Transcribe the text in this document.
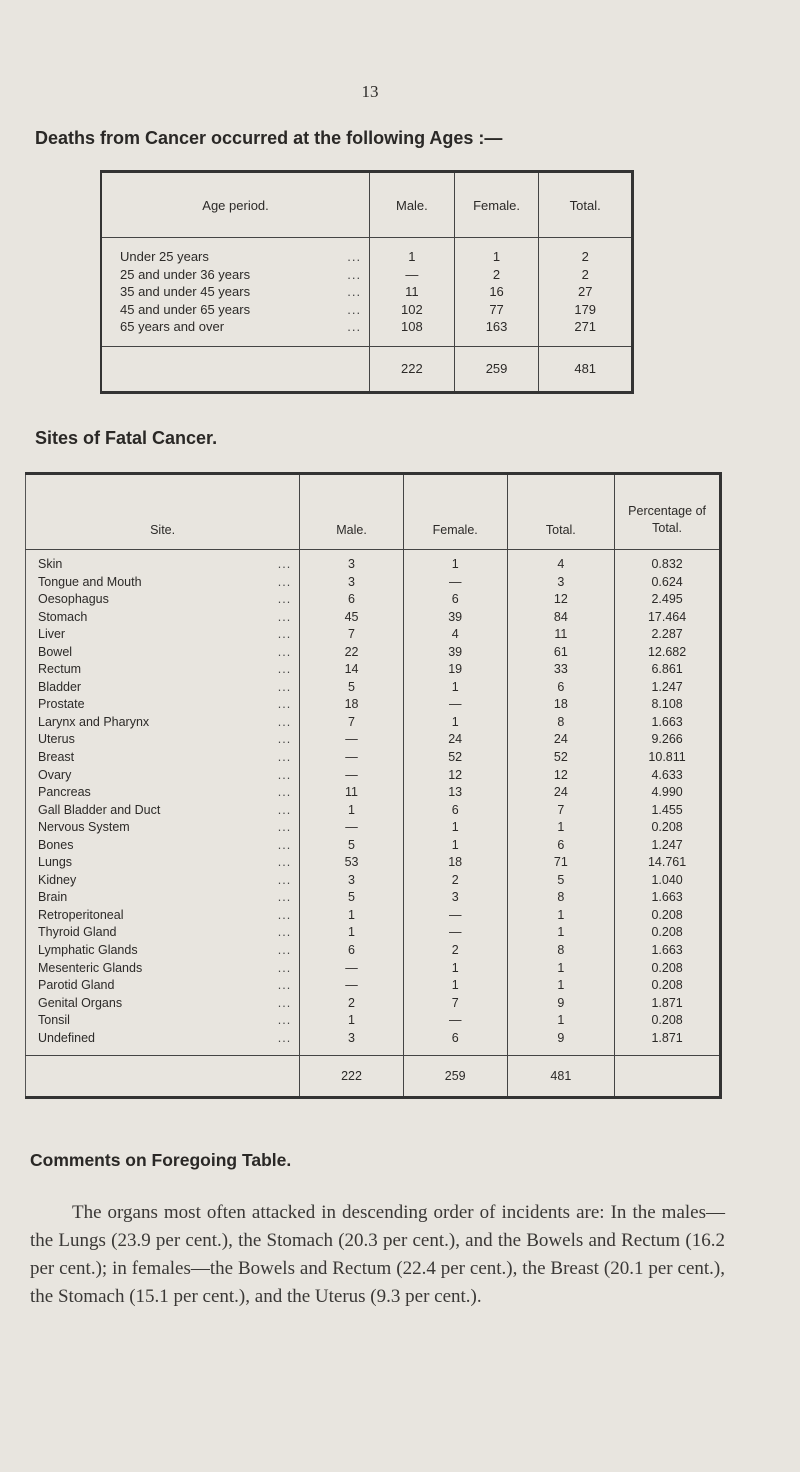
13
Deaths from Cancer occurred at the following Ages :—
Age period.	Male.	Female.	Total.

Under 25 years ...	1	1	2

25 and under 36 years ...	—	2	2

35 and under 45 years ...	11	16	27

45 and under 65 years ...	102	77	179

65 years and over ...	108	163	271
	222	259	481
Sites of Fatal Cancer.
Site.	Male.	Female.	Total.	Percentage of Total.

Skin ...	3	1	4	0.832

Tongue and Mouth ...	3	—	3	0.624

Oesophagus ...	6	6	12	2.495

Stomach ...	45	39	84	17.464

Liver ...	7	4	11	2.287

Bowel ...	22	39	61	12.682

Rectum ...	14	19	33	6.861

Bladder ...	5	1	6	1.247

Prostate ...	18	—	18	8.108

Larynx and Pharynx ...	7	1	8	1.663

Uterus ...	—	24	24	9.266

Breast ...	—	52	52	10.811

Ovary ...	—	12	12	4.633

Pancreas ...	11	13	24	4.990

Gall Bladder and Duct ...	1	6	7	1.455

Nervous System ...	—	1	1	0.208

Bones ...	5	1	6	1.247

Lungs ...	53	18	71	14.761

Kidney ...	3	2	5	1.040

Brain ...	5	3	8	1.663

Retroperitoneal ...	1	—	1	0.208

Thyroid Gland ...	1	—	1	0.208

Lymphatic Glands ...	6	2	8	1.663

Mesenteric Glands ...	—	1	1	0.208

Parotid Gland ...	—	1	1	0.208

Genital Organs ...	2	7	9	1.871

Tonsil ...	1	—	1	0.208

Undefined ...	3	6	9	1.871
	222	259	481	
Comments on Foregoing Table.

The organs most often attacked in descending order of incidents are: In the males—the Lungs (23.9 per cent.), the Stomach (20.3 per cent.), and the Bowels and Rectum (16.2 per cent.); in females—the Bowels and Rectum (22.4 per cent.), the Breast (20.1 per cent.), the Stomach (15.1 per cent.), and the Uterus (9.3 per cent.).
